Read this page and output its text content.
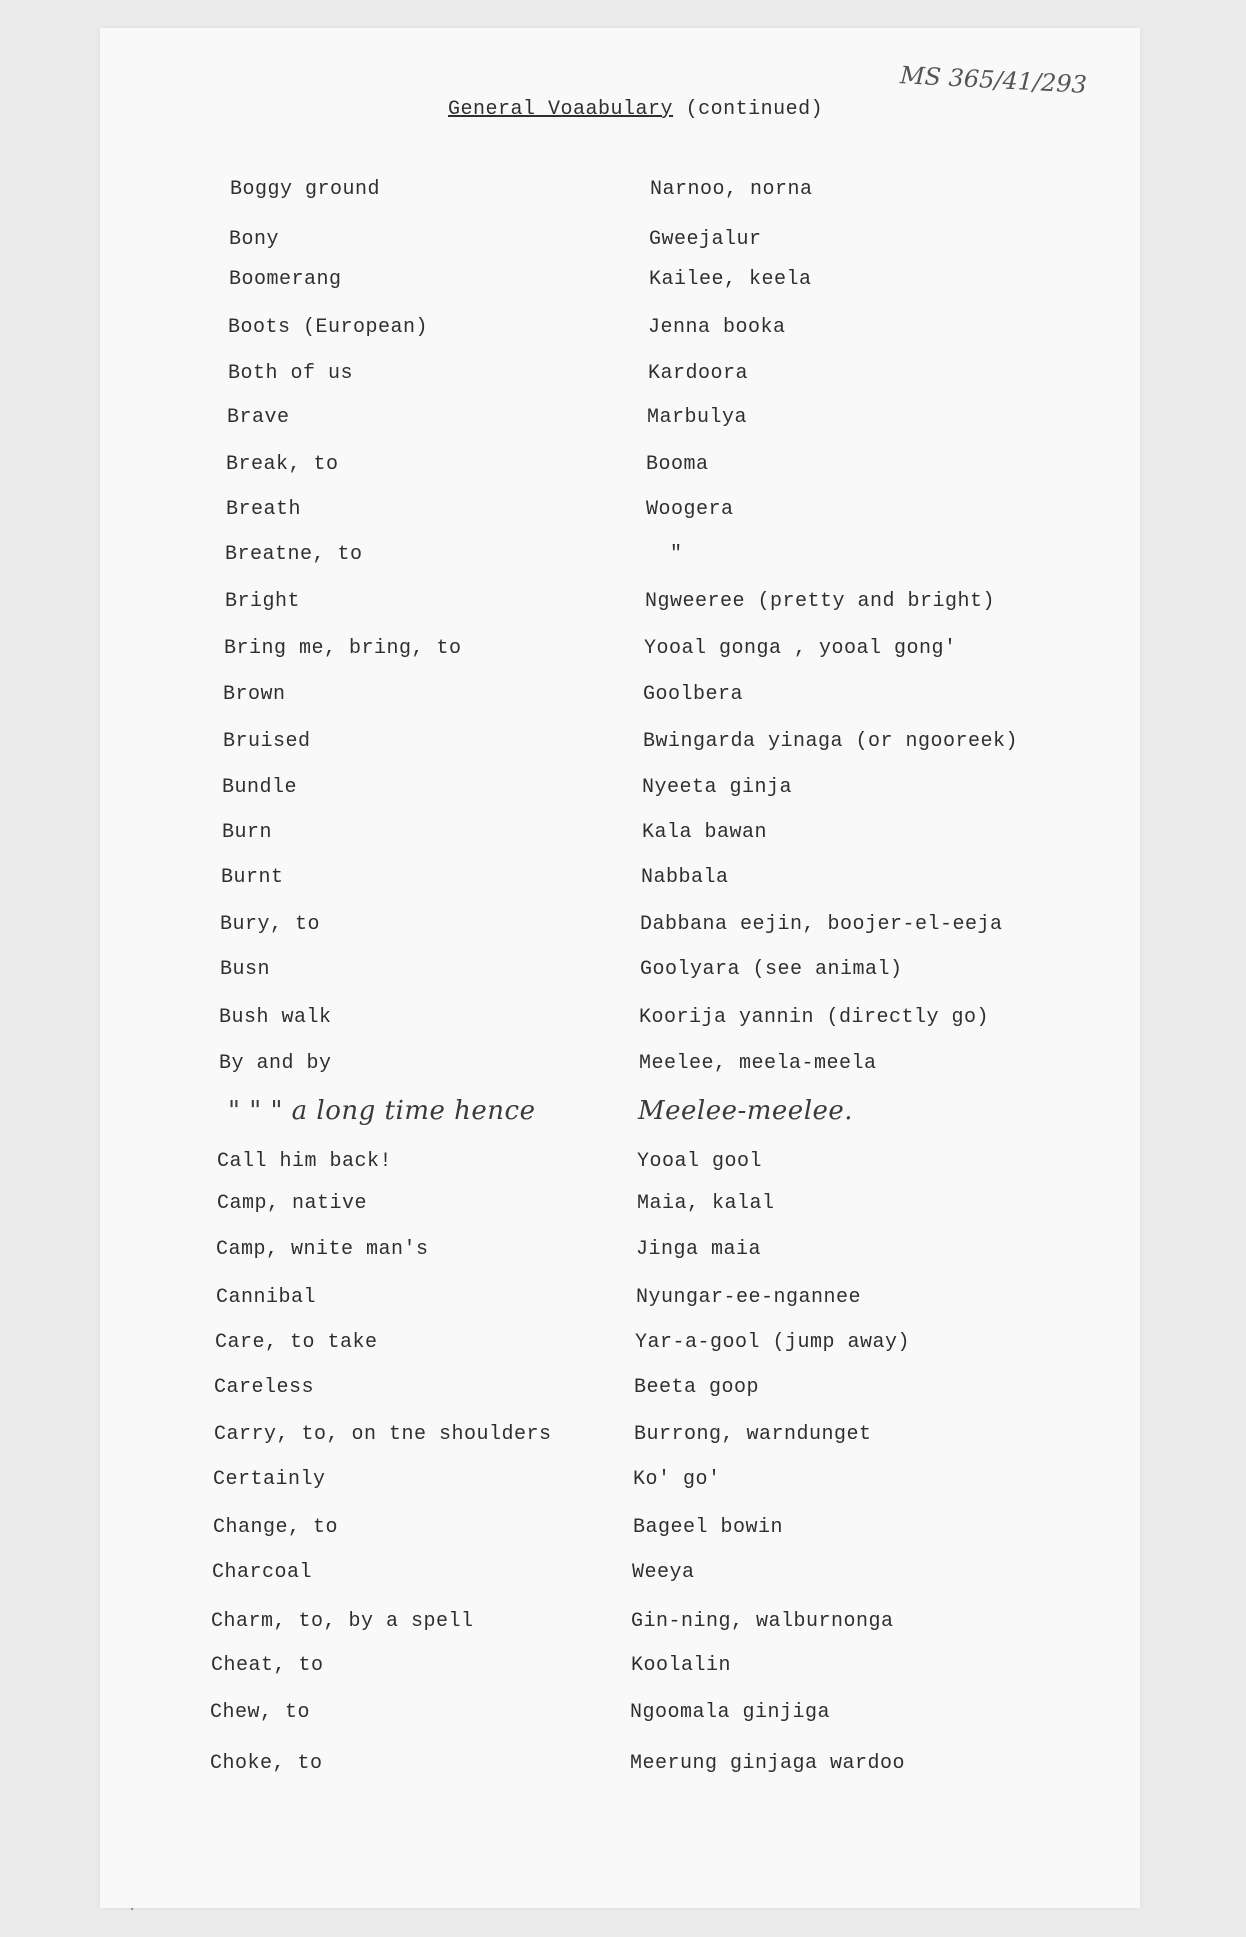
MS 365/41/293
General Voaabulary (continued)
Boggy ground	Narnoo, norna
Bony	Gweejalur
Boomerang	Kailee, keela
Boots (European)	Jenna booka
Both of us	Kardoora
Brave	Marbulya
Break, to	Booma
Breath	Woogera
Breatne, to	"
Bright	Ngweeree (pretty and bright)
Bring me, bring, to	Yooal gonga , yooal gong'
Brown	Goolbera
Bruised	Bwingarda yinaga (or ngooreek)
Bundle	Nyeeta ginja
Burn	Kala bawan
Burnt	Nabbala
Bury, to	Dabbana eejin, boojer-el-eeja
Busn	Goolyara (see animal)
Bush walk	Koorija yannin (directly go)
By and by	Meelee, meela-meela
" " " a long time hence	Meelee-meelee.
Call him back!	Yooal gool
Camp, native	Maia, kalal
Camp, wnite man's	Jinga maia
Cannibal	Nyungar-ee-ngannee
Care, to take	Yar-a-gool (jump away)
Careless	Beeta goop
Carry, to, on tne shoulders	Burrong, warndunget
Certainly	Ko' go'
Change, to	Bageel bowin
Charcoal	Weeya
Charm, to, by a spell	Gin-ning, walburnonga
Cheat, to	Koolalin
Chew, to	Ngoomala ginjiga
Choke, to	Meerung ginjaga wardoo
·
